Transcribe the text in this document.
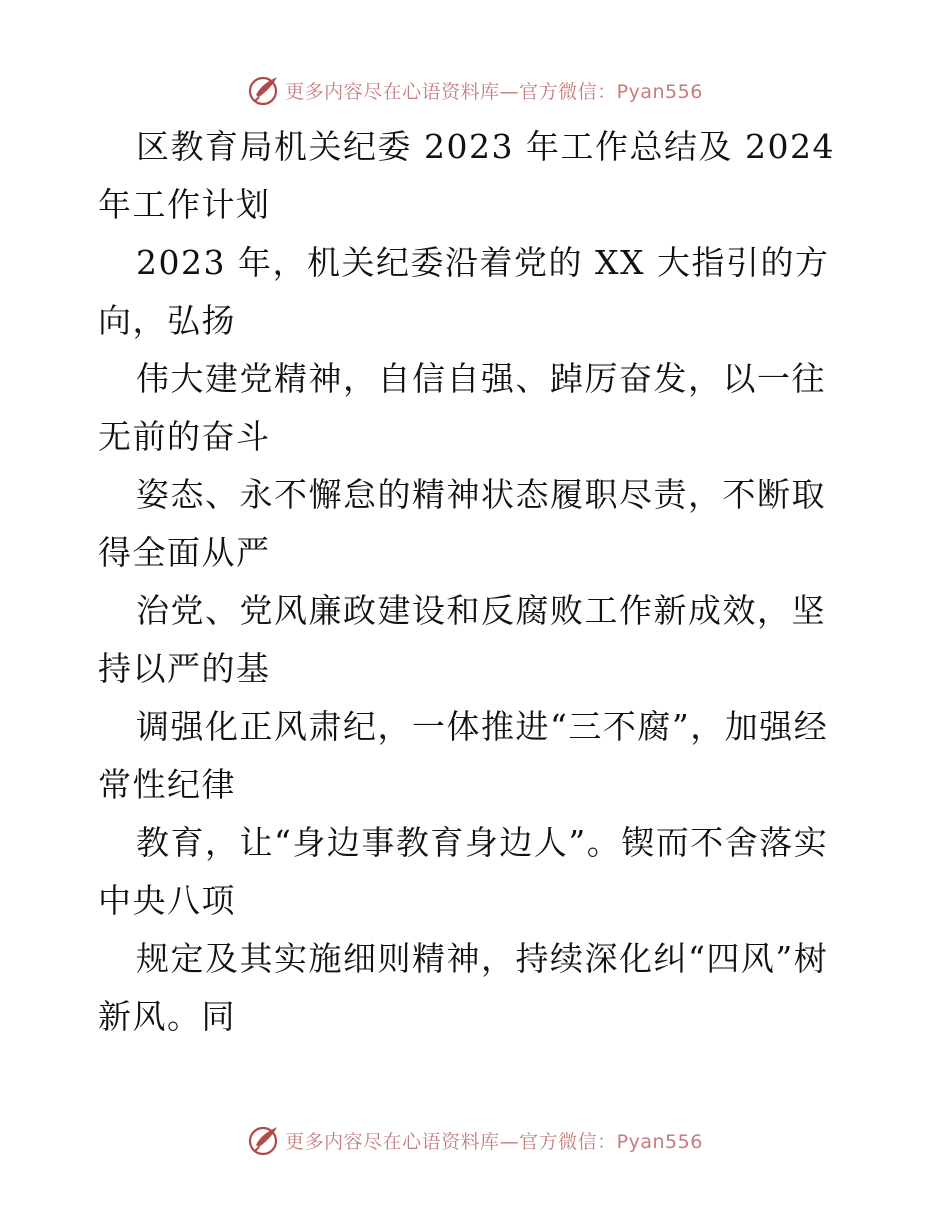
更多内容尽在心语资料库—官方微信：Pyan556

区教育局机关纪委 2023 年工作总结及 2024 年工作计划

2023 年，机关纪委沿着党的 XX 大指引的方 向，弘扬

伟大建党精神，自信自强、踔厉奋发，以一往无前的奋斗

姿态、永不懈怠的精神状态履职尽责，不断取得全面从严

治党、党风廉政建设和反腐败工作新成效，坚持以严的基

调强化正风肃纪，一体推进“三不腐”，加强经常性纪律

教育，让“身边事教育身边人”。锲而不舍落实中央八项

规定及其实施细则精神，持续深化纠“四风”树新风。同

更多内容尽在心语资料库—官方微信：Pyan556
